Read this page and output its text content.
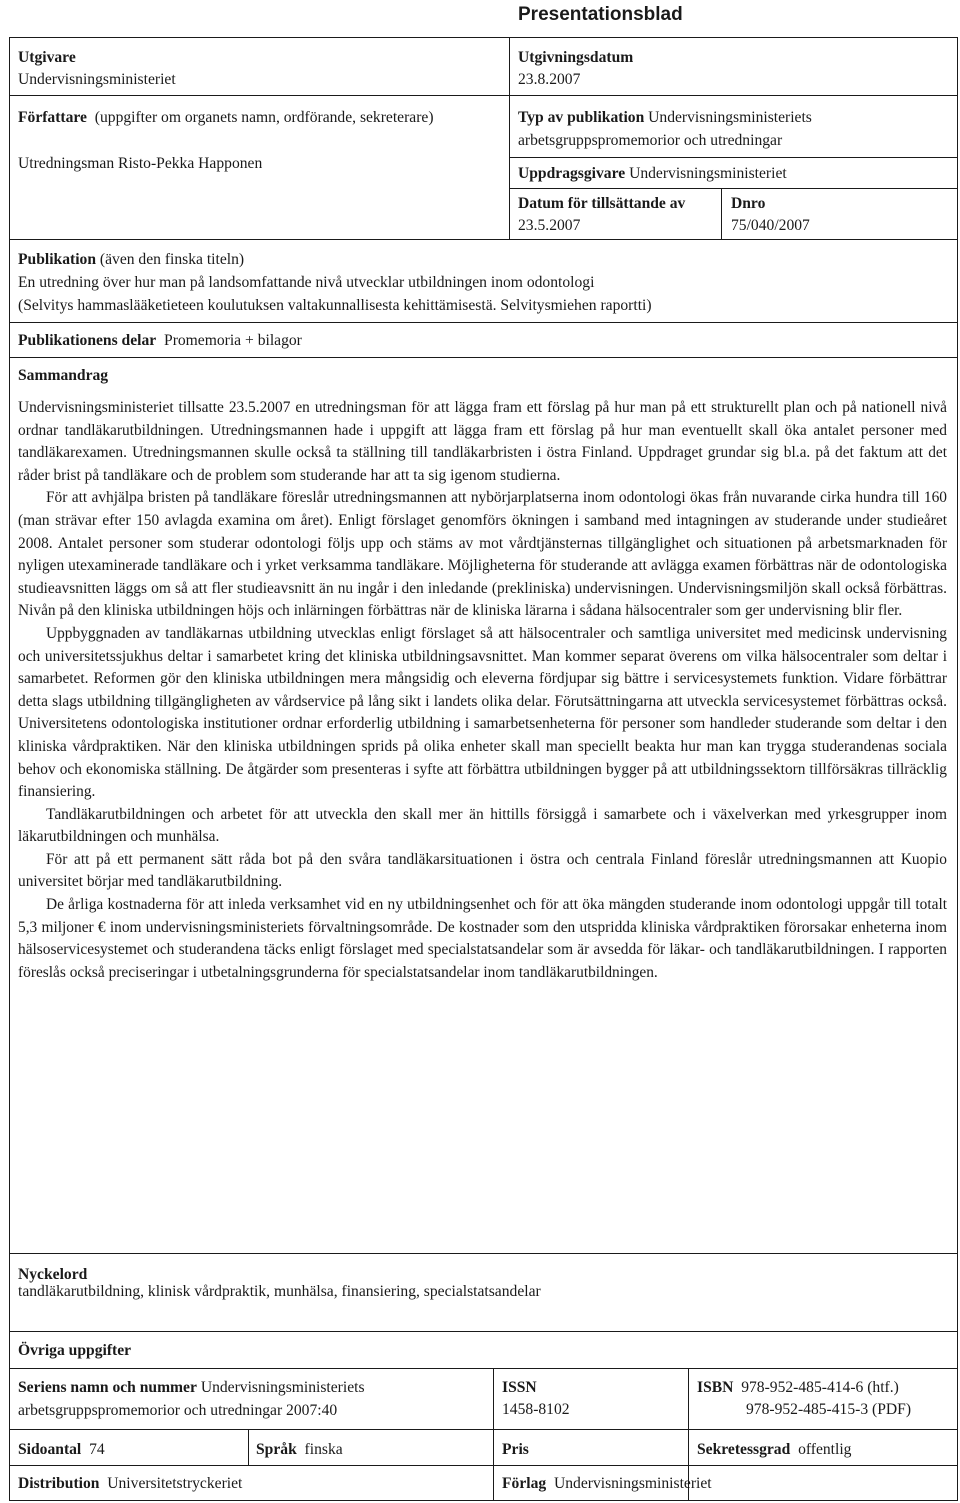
Presentationsblad
Utgivare
Undervisningsministeriet
Utgivningsdatum
23.8.2007
Författare (uppgifter om organets namn, ordförande, sekreterare)
Utredningsman Risto-Pekka Happonen
Typ av publikation Undervisningsministeriets
arbetsgruppspromemorior och utredningar
Uppdragsgivare Undervisningsministeriet
Datum för tillsättande av
23.5.2007
Dnro
75/040/2007
Publikation (även den finska titeln)
En utredning över hur man på landsomfattande nivå utvecklar utbildningen inom odontologi
(Selvitys hammaslääketieteen koulutuksen valtakunnallisesta kehittämisestä. Selvitysmiehen raportti)
Publikationens delar Promemoria + bilagor
Sammandrag

Undervisningsministeriet tillsatte 23.5.2007 en utredningsman för att lägga fram ett förslag på hur man på ett strukturellt plan och på nationell nivå ordnar tandläkarutbildningen. Utredningsmannen hade i uppgift att lägga fram ett förslag på hur man eventuellt skall öka antalet personer med tandläkarexamen. Utredningsmannen skulle också ta ställning till tandläkarbristen i östra Finland. Uppdraget grundar sig bl.a. på det faktum att det råder brist på tandläkare och de problem som studerande har att ta sig igenom studierna.

För att avhjälpa bristen på tandläkare föreslår utredningsmannen att nybörjarplatserna inom odontologi ökas från nuvarande cirka hundra till 160 (man strävar efter 150 avlagda examina om året). Enligt förslaget genomförs ökningen i samband med intagningen av studerande under studieåret 2008. Antalet personer som studerar odontologi följs upp och stäms av mot vårdtjänsternas tillgänglighet och situationen på arbetsmarknaden för nyligen utexaminerade tandläkare och i yrket verksamma tandläkare. Möjligheterna för studerande att avlägga examen förbättras när de odontologiska studieavsnitten läggs om så att fler studieavsnitt än nu ingår i den inledande (prekliniska) undervisningen. Undervisningsmiljön skall också förbättras. Nivån på den kliniska utbildningen höjs och inlärningen förbättras när de kliniska lärarna i sådana hälsocentraler som ger undervisning blir fler.

Uppbyggnaden av tandläkarnas utbildning utvecklas enligt förslaget så att hälsocentraler och samtliga universitet med medicinsk undervisning och universitetssjukhus deltar i samarbetet kring det kliniska utbildningsavsnittet. Man kommer separat överens om vilka hälsocentraler som deltar i samarbetet. Reformen gör den kliniska utbildningen mera mångsidig och eleverna fördjupar sig bättre i servicesystemets funktion. Vidare förbättrar detta slags utbildning tillgängligheten av vårdservice på lång sikt i landets olika delar. Förutsättningarna att utveckla servicesystemet förbättras också. Universitetens odontologiska institutioner ordnar erforderlig utbildning i samarbetsenheterna för personer som handleder studerande som deltar i den kliniska vårdpraktiken. När den kliniska utbildningen sprids på olika enheter skall man speciellt beakta hur man kan trygga studerandenas sociala behov och ekonomiska ställning. De åtgärder som presenteras i syfte att förbättra utbildningen bygger på att utbildningssektorn tillförsäkras tillräcklig finansiering.

Tandläkarutbildningen och arbetet för att utveckla den skall mer än hittills försiggå i samarbete och i växelverkan med yrkesgrupper inom läkarutbildningen och munhälsa.

För att på ett permanent sätt råda bot på den svåra tandläkarsituationen i östra och centrala Finland föreslår utredningsmannen att Kuopio universitet börjar med tandläkarutbildning.

De årliga kostnaderna för att inleda verksamhet vid en ny utbildningsenhet och för att öka mängden studerande inom odontologi uppgår till totalt 5,3 miljoner € inom undervisningsministeriets förvaltningsområde. De kostnader som den utspridda kliniska vårdpraktiken förorsakar enheterna inom hälsoservicesystemet och studerandena täcks enligt förslaget med specialstatsandelar som är avsedda för läkar- och tandläkarutbildningen. I rapporten föreslås också preciseringar i utbetalningsgrunderna för specialstatsandelar inom tandläkarutbildningen.

Nyckelord
tandläkarutbildning, klinisk vårdpraktik, munhälsa, finansiering, specialstatsandelar
Övriga uppgifter
Seriens namn och nummer Undervisningsministeriets
arbetsgruppspromemorior och utredningar 2007:40
ISSN
1458-8102
ISBN 978-952-485-414-6 (htf.)
978-952-485-415-3 (PDF)
Sidoantal 74	Språk finska	Pris	Sekretessgrad offentlig
Distribution Universitetstryckeriet	Förlag Undervisningsministeriet
